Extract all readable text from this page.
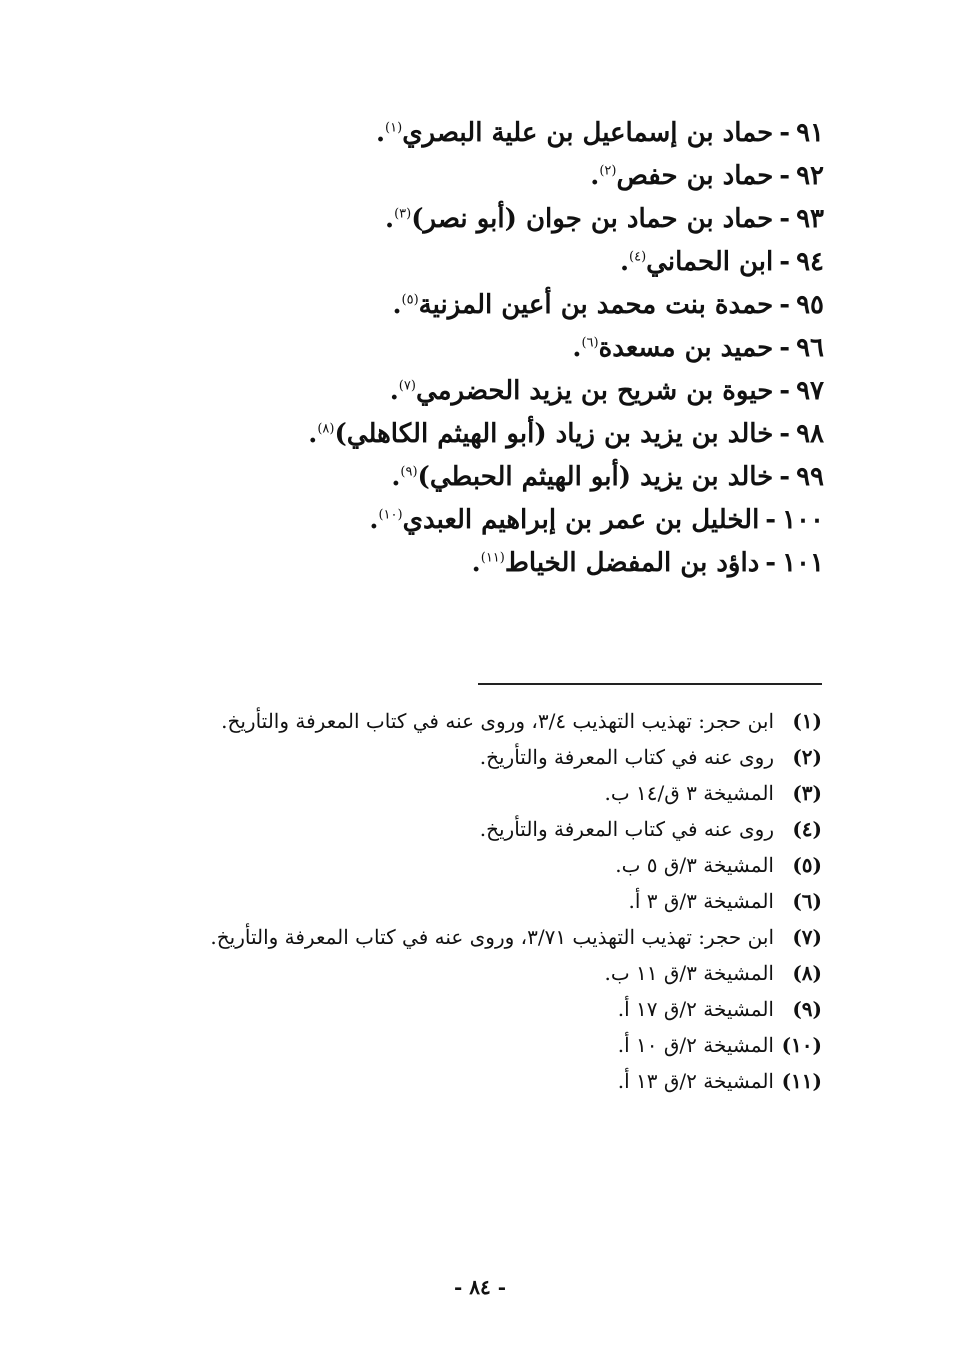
٩١-حماد بن إسماعيل بن علية البصري$^{(١)}$.
٩٢-حماد بن حفص$^{(٢)}$.
٩٣-حماد بن حماد بن جوان (أبو نصر)$^{(٣)}$.
٩٤-ابن الحماني$^{(٤)}$.
٩٥-حمدة بنت محمد بن أعين المزنية$^{(٥)}$.
٩٦-حميد بن مسعدة$^{(٦)}$.
٩٧-حيوة بن شريح بن يزيد الحضرمي$^{(٧)}$.
٩٨-خالد بن يزيد بن زياد (أبو الهيثم الكاهلي)$^{(٨)}$.
٩٩-خالد بن يزيد (أبو الهيثم الحبطي)$^{(٩)}$.
١٠٠-الخليل بن عمر بن إبراهيم العبدي$^{(١٠)}$.
١٠١-داؤد بن المفضل الخياط$^{(١١)}$.
(١)
ابن حجر: تهذيب التهذيب ٣/٤، وروى عنه في كتاب المعرفة والتأريخ.
(٢)
روى عنه في كتاب المعرفة والتأريخ.
(٣)
المشيخة ٣ ق/١٤ ب.
(٤)
روى عنه في كتاب المعرفة والتأريخ.
(٥)
المشيخة ٣/ق ٥ ب.
(٦)
المشيخة ٣/ق ٣ أ.
(٧)
ابن حجر: تهذيب التهذيب ٣/٧١، وروى عنه في كتاب المعرفة والتأريخ.
(٨)
المشيخة ٣/ق ١١ ب.
(٩)
المشيخة ٢/ق ١٧ أ.
(١٠)
المشيخة ٢/ق ١٠ أ.
(١١)
المشيخة ٢/ق ١٣ أ.
- ٨٤ -
